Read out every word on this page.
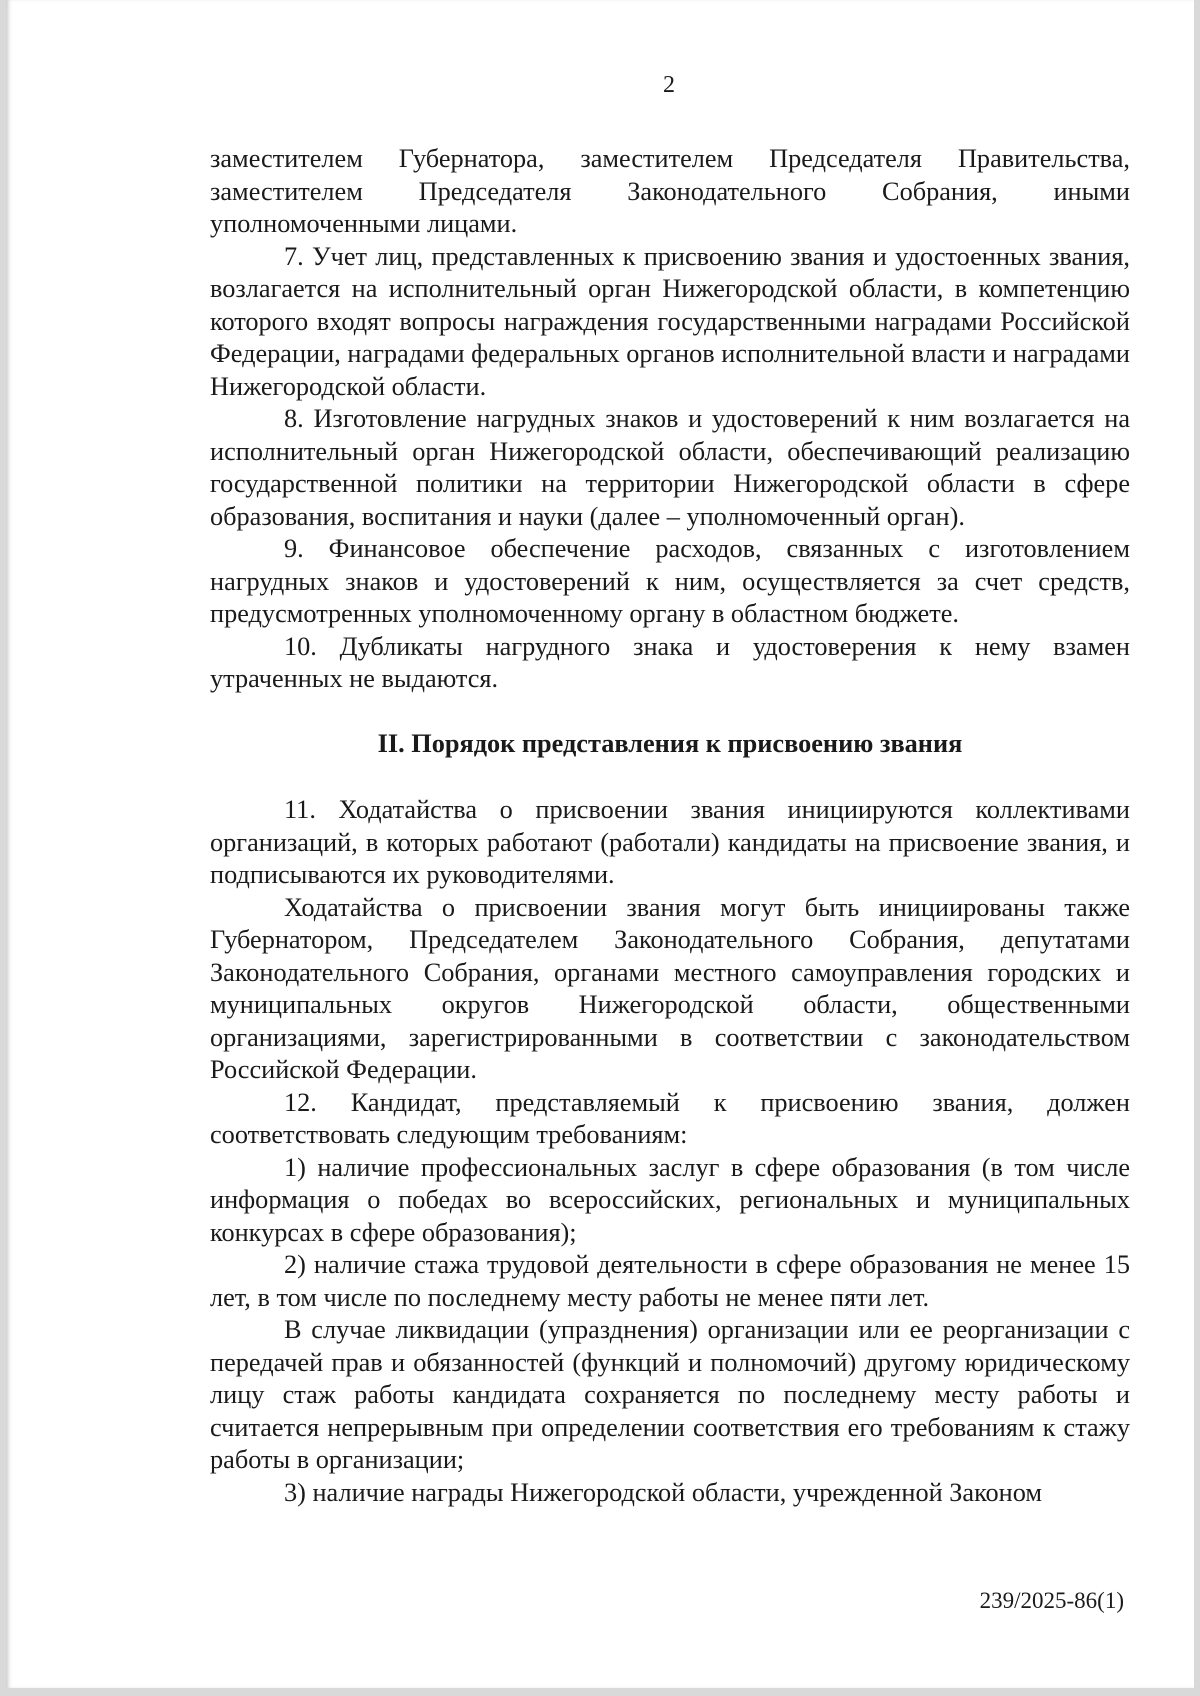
2

заместителем Губернатора, заместителем Председателя Правительства, заместителем Председателя Законодательного Собрания, иными уполномоченными лицами.

7. Учет лиц, представленных к присвоению звания и удостоенных звания, возлагается на исполнительный орган Нижегородской области, в компетенцию которого входят вопросы награждения государственными наградами Российской Федерации, наградами федеральных органов исполнительной власти и наградами Нижегородской области.

8. Изготовление нагрудных знаков и удостоверений к ним возлагается на исполнительный орган Нижегородской области, обеспечивающий реализацию государственной политики на территории Нижегородской области в сфере образования, воспитания и науки (далее – уполномоченный орган).

9. Финансовое обеспечение расходов, связанных с изготовлением нагрудных знаков и удостоверений к ним, осуществляется за счет средств, предусмотренных уполномоченному органу в областном бюджете.

10. Дубликаты нагрудного знака и удостоверения к нему взамен утраченных не выдаются.

II. Порядок представления к присвоению звания

11. Ходатайства о присвоении звания инициируются коллективами организаций, в которых работают (работали) кандидаты на присвоение звания, и подписываются их руководителями.

Ходатайства о присвоении звания могут быть инициированы также Губернатором, Председателем Законодательного Собрания, депутатами Законодательного Собрания, органами местного самоуправления городских и муниципальных округов Нижегородской области, общественными организациями, зарегистрированными в соответствии с законодательством Российской Федерации.

12. Кандидат, представляемый к присвоению звания, должен соответствовать следующим требованиям:

1) наличие профессиональных заслуг в сфере образования (в том числе информация о победах во всероссийских, региональных и муниципальных конкурсах в сфере образования);

2) наличие стажа трудовой деятельности в сфере образования не менее 15 лет, в том числе по последнему месту работы не менее пяти лет.

В случае ликвидации (упразднения) организации или ее реорганизации с передачей прав и обязанностей (функций и полномочий) другому юридическому лицу стаж работы кандидата сохраняется по последнему месту работы и считается непрерывным при определении соответствия его требованиям к стажу работы в организации;

3) наличие награды Нижегородской области, учрежденной Законом

239/2025-86(1)
